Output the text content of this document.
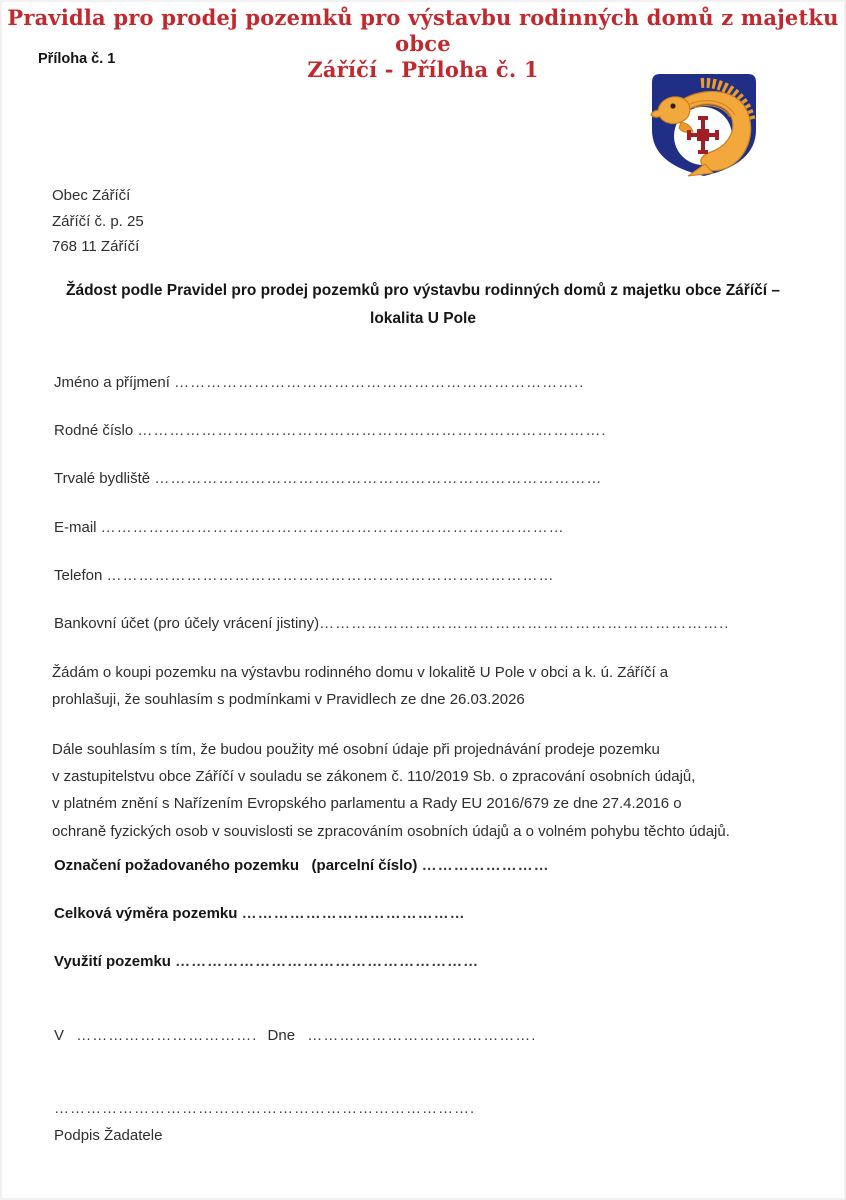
Pravidla pro prodej pozemků pro výstavbu rodinných domů z majetku obce
Záříčí - Příloha č. 1
Příloha č. 1
Obec Záříčí
Záříčí č. p. 25
768 11 Záříčí
Žádost podle Pravidel pro prodej pozemků pro výstavbu rodinných domů z majetku obce Záříčí –
lokalita U Pole
Jméno a příjmení …………………………………………………………………..
Rodné číslo …………………………………………………………………………….
Trvalé bydliště …………………………………………………………………………
E-mail ……………………………………………………………………………
Telefon …………………………………………………………………………
Bankovní účet (pro účely vrácení jistiny)…………………………………………………………………..
Žádám o koupi pozemku na výstavbu rodinného domu v lokalitě U Pole v obci a k. ú. Záříčí a
prohlašuji, že souhlasím s podmínkami v Pravidlech ze dne 26.03.2026
Dále souhlasím s tím, že budou použity mé osobní údaje při projednávání prodeje pozemku
v zastupitelstvu obce Záříčí v souladu se zákonem č. 110/2019 Sb. o zpracování osobních údajů,
v platném znění s Nařízením Evropského parlamentu a Rady EU 2016/679 ze dne 27.4.2016 o
ochraně fyzických osob v souvislosti se zpracováním osobních údajů a o volném pohybu těchto údajů.
Označení požadovaného pozemku   (parcelní číslo) ……………………
Celková výměra pozemku ……………………………………
Využití pozemku …………………………………………………
V ……………………………. Dne …………………………………….
…………………………………………………………………….
Podpis Žadatele
